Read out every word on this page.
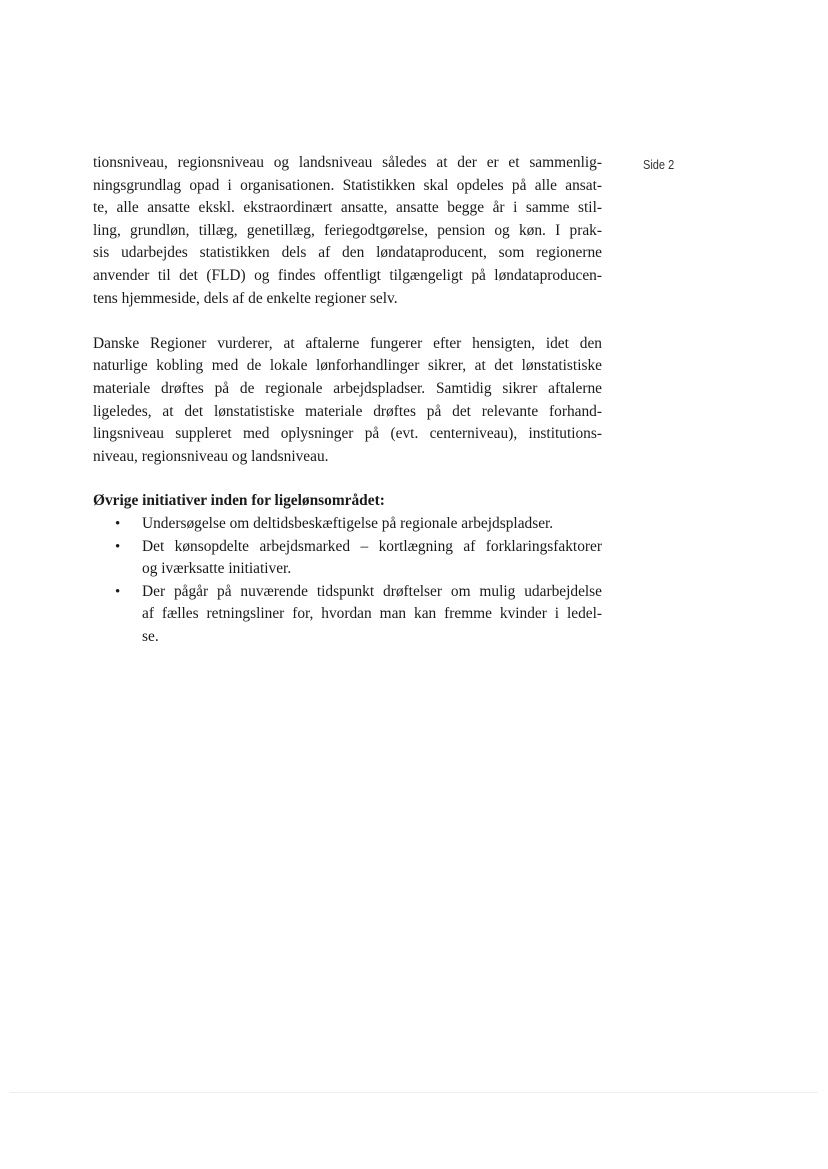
Side 2

tionsniveau, regionsniveau og landsniveau således at der er et sammenlig-
ningsgrundlag opad i organisationen. Statistikken skal opdeles på alle ansat-
te, alle ansatte ekskl. ekstraordinært ansatte, ansatte begge år i samme stil-
ling, grundløn, tillæg, genetillæg, feriegodtgørelse, pension og køn. I prak-
sis udarbejdes statistikken dels af den løndataproducent, som regionerne
anvender til det (FLD) og findes offentligt tilgængeligt på løndataproducen-
tens hjemmeside, dels af de enkelte regioner selv.

Danske Regioner vurderer, at aftalerne fungerer efter hensigten, idet den
naturlige kobling med de lokale lønforhandlinger sikrer, at det lønstatistiske
materiale drøftes på de regionale arbejdspladser. Samtidig sikrer aftalerne
ligeledes, at det lønstatistiske materiale drøftes på det relevante forhand-
lingsniveau suppleret med oplysninger på (evt. centerniveau), institutions-
niveau, regionsniveau og landsniveau.

Øvrige initiativer inden for ligelønsområdet:
• Undersøgelse om deltidsbeskæftigelse på regionale arbejdspladser.
• Det kønsopdelte arbejdsmarked – kortlægning af forklaringsfaktorer
og iværksatte initiativer.
• Der pågår på nuværende tidspunkt drøftelser om mulig udarbejdelse
af fælles retningsliner for, hvordan man kan fremme kvinder i ledel-
se.
